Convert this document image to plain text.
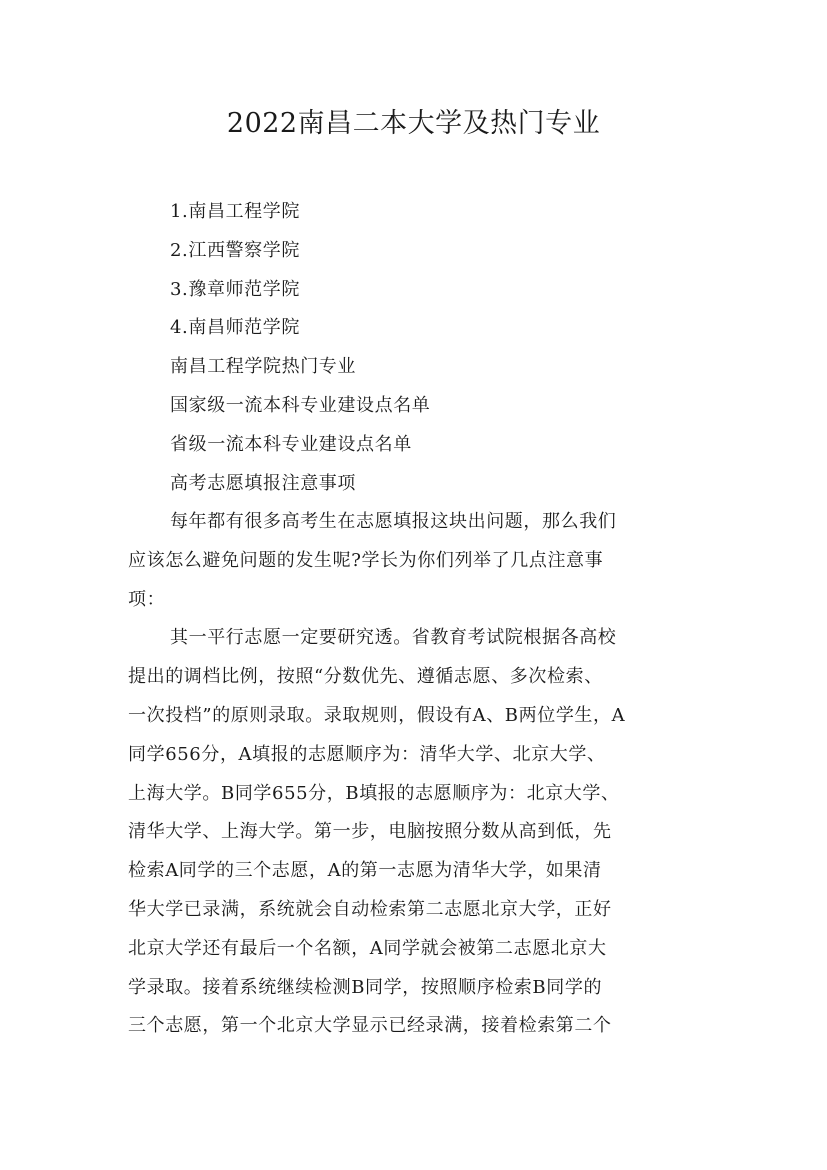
2022南昌二本大学及热门专业
1.南昌工程学院
2.江西警察学院
3.豫章师范学院
4.南昌师范学院
南昌工程学院热门专业
国家级一流本科专业建设点名单
省级一流本科专业建设点名单
高考志愿填报注意事项
每年都有很多高考生在志愿填报这块出问题，那么我们
应该怎么避免问题的发生呢?学长为你们列举了几点注意事
项：
其一平行志愿一定要研究透。省教育考试院根据各高校
提出的调档比例，按照“分数优先、遵循志愿、多次检索、
一次投档”的原则录取。录取规则，假设有A、B两位学生，A
同学656分，A填报的志愿顺序为：清华大学、北京大学、
上海大学。B同学655分，B填报的志愿顺序为：北京大学、
清华大学、上海大学。第一步，电脑按照分数从高到低，先
检索A同学的三个志愿，A的第一志愿为清华大学，如果清
华大学已录满，系统就会自动检索第二志愿北京大学，正好
北京大学还有最后一个名额，A同学就会被第二志愿北京大
学录取。接着系统继续检测B同学，按照顺序检索B同学的
三个志愿，第一个北京大学显示已经录满，接着检索第二个
